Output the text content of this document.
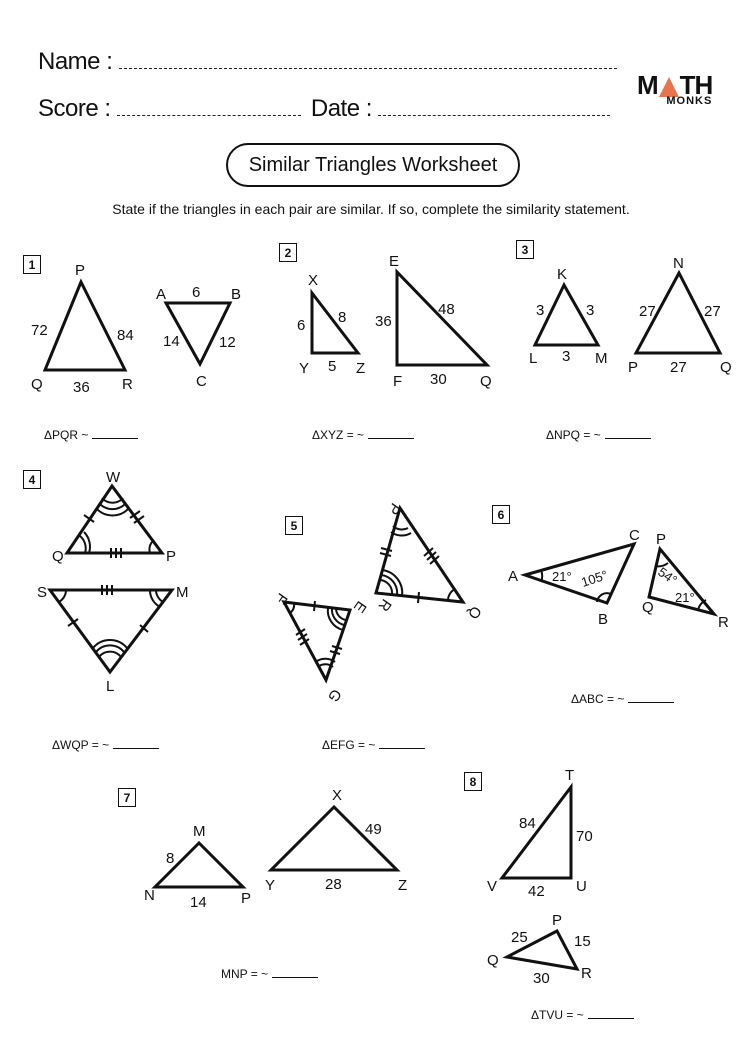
Name :
Score :	Date :
M TH
MONKS
Similar Triangles Worksheet
State if the triangles in each pair are similar. If so, complete the similarity statement.
1
2	3
4
5
6
7
8
P
Q	R
72	84
36
A	B
C
6
14	12
X
Y	Z
6 8
5
E
F	Q
36
48
30
K
L	M
3	3
3
N
P	Q
27	27
27
W
Q	P
S	M
L
P
R	Q
F	E
G
A
B
C
21° 105°
P
Q
R
54°
21°
M
N	P
8
14
X
Y	Z
49
28
T
V	U
84
70
42
P
Q
R
25	15
30
ΔPQR ~	ΔXYZ = ~	ΔNPQ = ~
ΔWQP = ~	ΔEFG = ~
ΔABC = ~
MNP = ~
ΔTVU = ~
